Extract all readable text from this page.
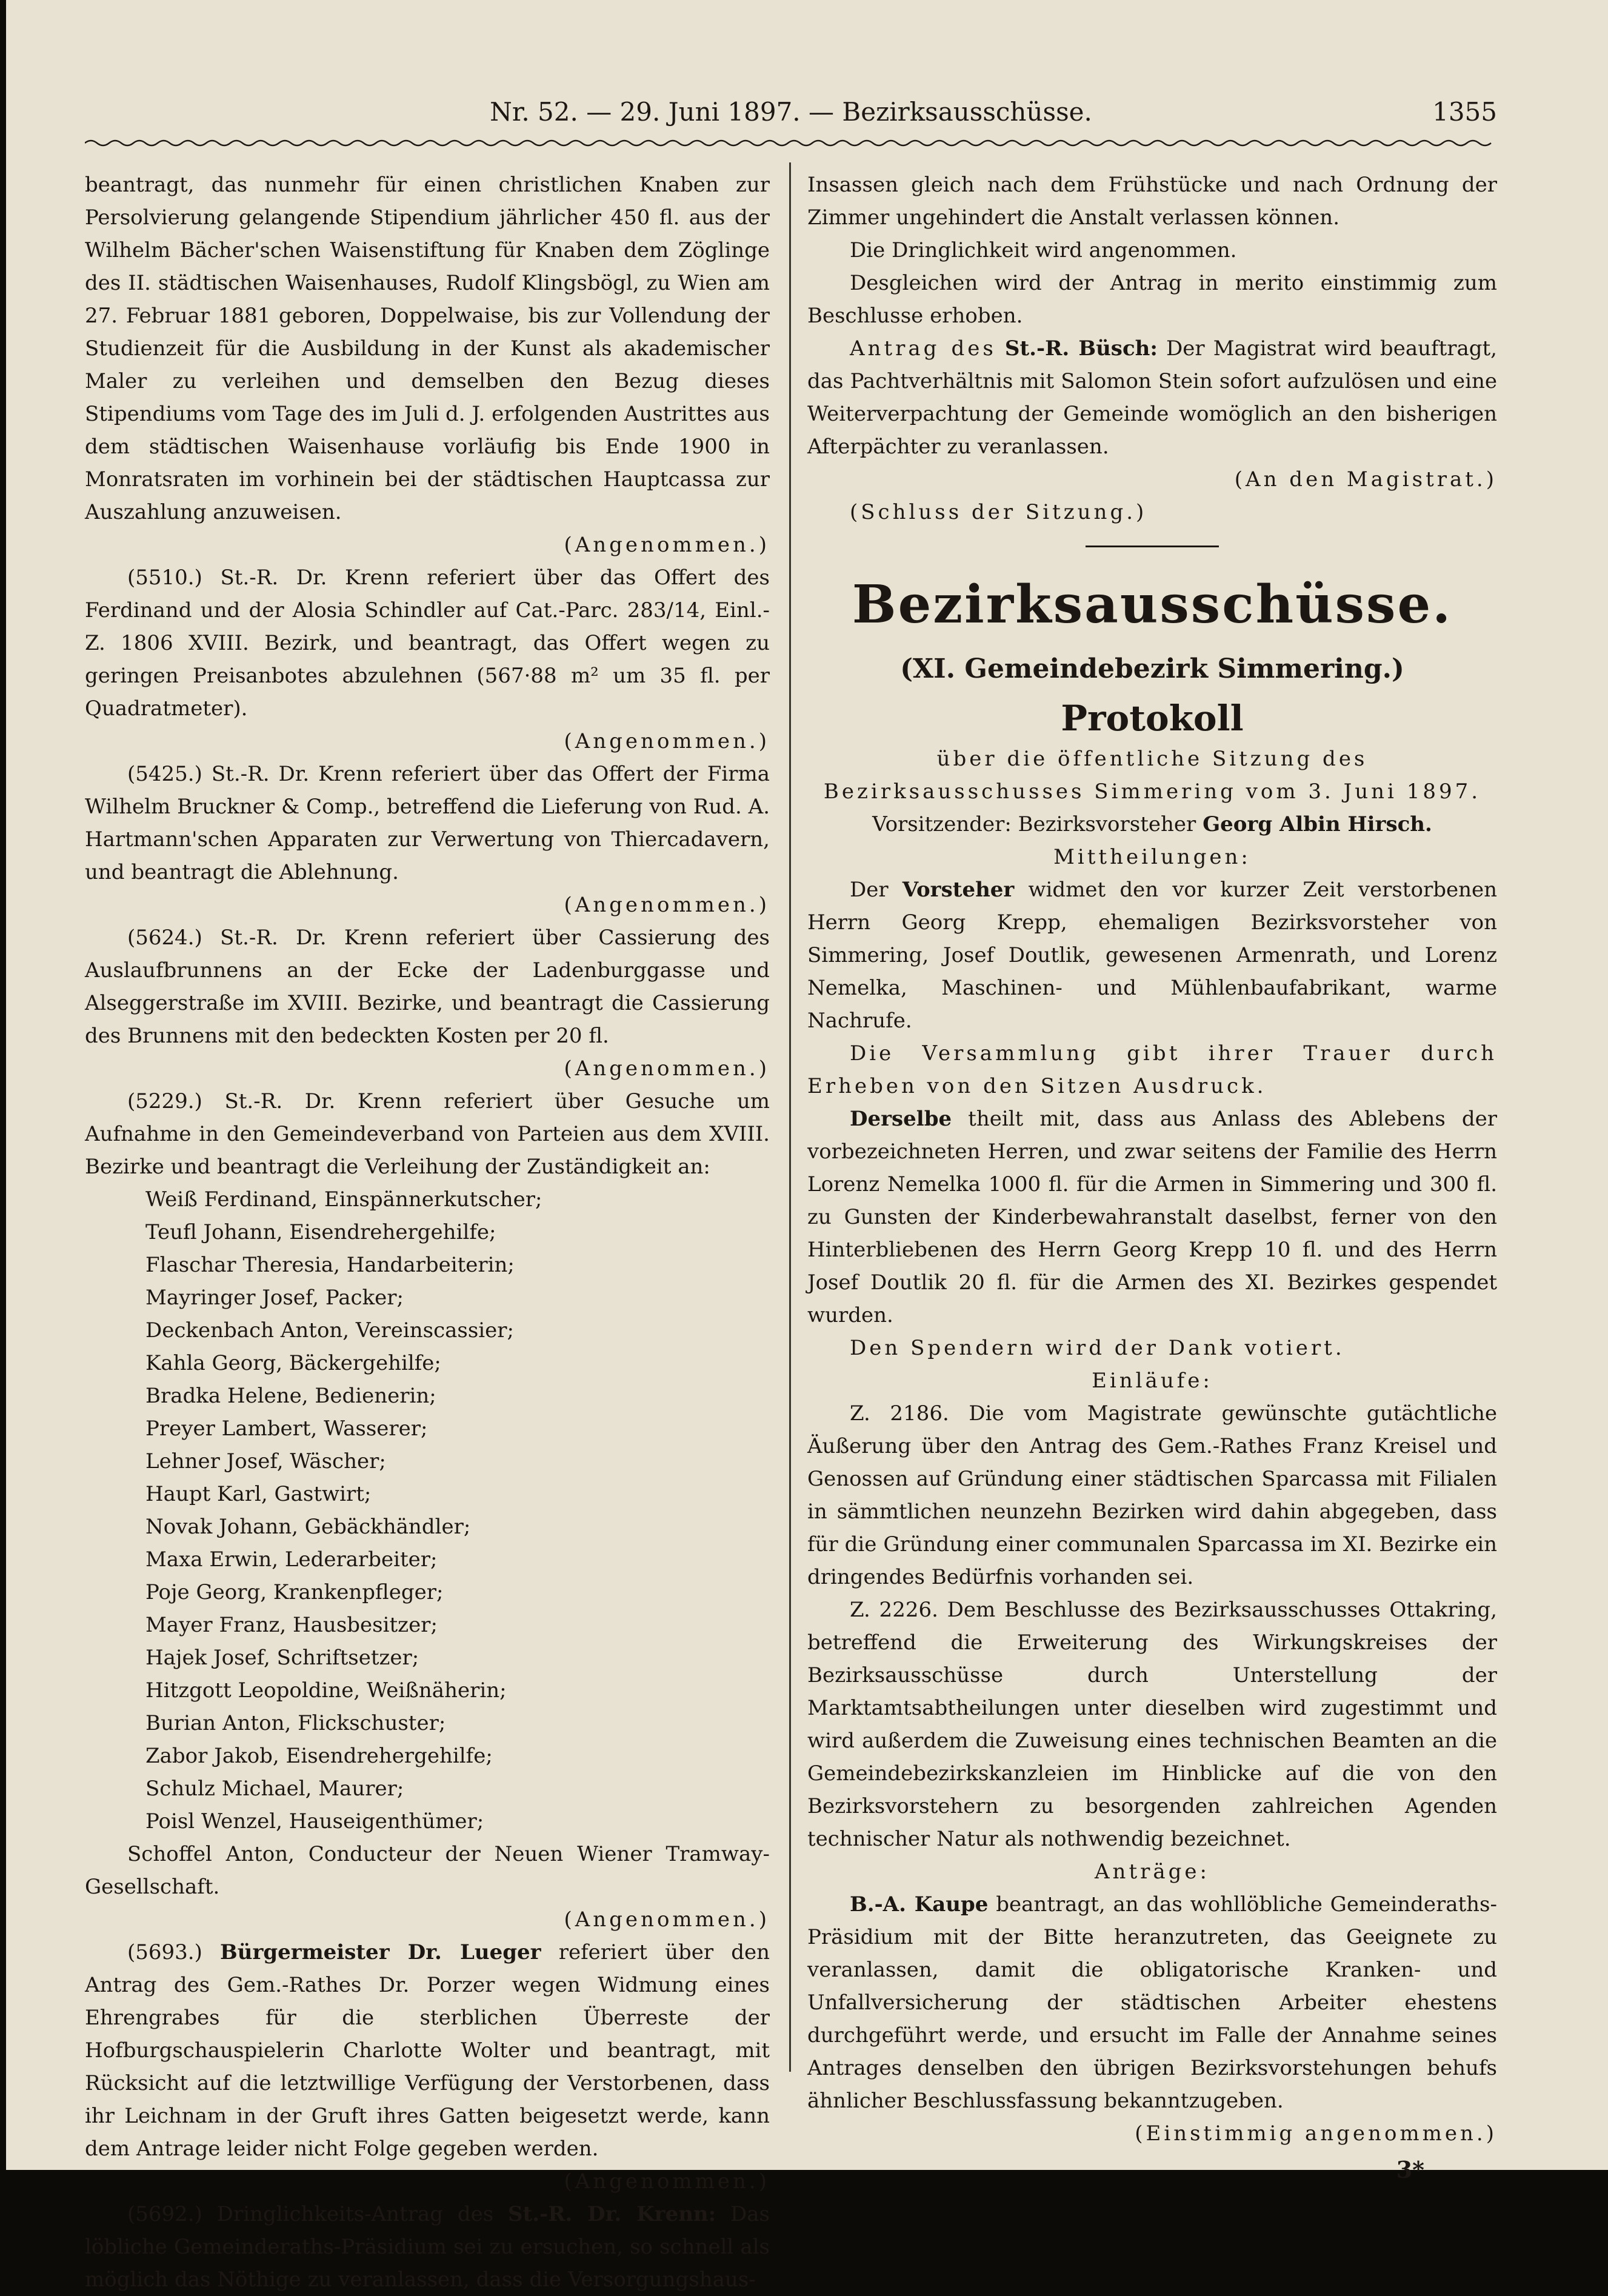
Nr. 52. — 29. Juni 1897. — Bezirksausschüsse.	1355

beantragt, das nunmehr für einen christlichen Knaben zur Persolvierung gelangende Stipendium jährlicher 450 fl. aus der Wilhelm Bächer'schen Waisenstiftung für Knaben dem Zöglinge des II. städtischen Waisenhauses, Rudolf Klingsbögl, zu Wien am 27. Februar 1881 geboren, Doppelwaise, bis zur Vollendung der Studienzeit für die Ausbildung in der Kunst als akademischer Maler zu verleihen und demselben den Bezug dieses Stipendiums vom Tage des im Juli d. J. erfolgenden Austrittes aus dem städtischen Waisenhause vorläufig bis Ende 1900 in Monratsraten im vorhinein bei der städtischen Hauptcassa zur Auszahlung anzuweisen.

(Angenommen.)

(5510.) St.-R. Dr. Krenn referiert über das Offert des Ferdinand und der Alosia Schindler auf Cat.-Parc. 283/14, Einl.-Z. 1806 XVIII. Bezirk, und beantragt, das Offert wegen zu geringen Preisanbotes abzulehnen (567·88 m² um 35 fl. per Quadratmeter).

(Angenommen.)

(5425.) St.-R. Dr. Krenn referiert über das Offert der Firma Wilhelm Bruckner & Comp., betreffend die Lieferung von Rud. A. Hartmann'schen Apparaten zur Verwertung von Thiercadavern, und beantragt die Ablehnung.

(Angenommen.)

(5624.) St.-R. Dr. Krenn referiert über Cassierung des Auslaufbrunnens an der Ecke der Ladenburggasse und Alseggerstraße im XVIII. Bezirke, und beantragt die Cassierung des Brunnens mit den bedeckten Kosten per 20 fl.

(Angenommen.)

(5229.) St.-R. Dr. Krenn referiert über Gesuche um Aufnahme in den Gemeindeverband von Parteien aus dem XVIII. Bezirke und beantragt die Verleihung der Zuständigkeit an:

Weiß Ferdinand, Einspännerkutscher;

Teufl Johann, Eisendrehergehilfe;

Flaschar Theresia, Handarbeiterin;

Mayringer Josef, Packer;

Deckenbach Anton, Vereinscassier;

Kahla Georg, Bäckergehilfe;

Bradka Helene, Bedienerin;

Preyer Lambert, Wasserer;

Lehner Josef, Wäscher;

Haupt Karl, Gastwirt;

Novak Johann, Gebäckhändler;

Maxa Erwin, Lederarbeiter;

Poje Georg, Krankenpfleger;

Mayer Franz, Hausbesitzer;

Hajek Josef, Schriftsetzer;

Hitzgott Leopoldine, Weißnäherin;

Burian Anton, Flickschuster;

Zabor Jakob, Eisendrehergehilfe;

Schulz Michael, Maurer;

Poisl Wenzel, Hauseigenthümer;

Schoffel Anton, Conducteur der Neuen Wiener Tramway-Gesellschaft.

(Angenommen.)

(5693.) Bürgermeister Dr. Lueger referiert über den Antrag des Gem.-Rathes Dr. Porzer wegen Widmung eines Ehrengrabes für die sterblichen Überreste der Hofburgschauspielerin Charlotte Wolter und beantragt, mit Rücksicht auf die letztwillige Verfügung der Verstorbenen, dass ihr Leichnam in der Gruft ihres Gatten beigesetzt werde, kann dem Antrage leider nicht Folge gegeben werden.

(Angenommen.)

(5692.) Dringlichkeits-Antrag des St.-R. Dr. Krenn: Das löbliche Gemeinderaths-Präsidium sei zu ersuchen, so schnell als möglich das Nöthige zu veranlassen, dass die Versorgungshaus-

Insassen gleich nach dem Frühstücke und nach Ordnung der Zimmer ungehindert die Anstalt verlassen können.

Die Dringlichkeit wird angenommen.

Desgleichen wird der Antrag in merito einstimmig zum Beschlusse erhoben.

Antrag des St.-R. Büsch: Der Magistrat wird beauftragt, das Pachtverhältnis mit Salomon Stein sofort aufzulösen und eine Weiterverpachtung der Gemeinde womöglich an den bisherigen Afterpächter zu veranlassen.

(An den Magistrat.)

(Schluss der Sitzung.)

Bezirksausschüsse.
(XI. Gemeindebezirk Simmering.)
Protokoll

über die öffentliche Sitzung des Bezirksausschusses Simmering vom 3. Juni 1897.

Vorsitzender: Bezirksvorsteher Georg Albin Hirsch.

Mittheilungen:

Der Vorsteher widmet den vor kurzer Zeit verstorbenen Herrn Georg Krepp, ehemaligen Bezirksvorsteher von Simmering, Josef Doutlik, gewesenen Armenrath, und Lorenz Nemelka, Maschinen- und Mühlenbaufabrikant, warme Nachrufe.

Die Versammlung gibt ihrer Trauer durch Erheben von den Sitzen Ausdruck.

Derselbe theilt mit, dass aus Anlass des Ablebens der vorbezeichneten Herren, und zwar seitens der Familie des Herrn Lorenz Nemelka 1000 fl. für die Armen in Simmering und 300 fl. zu Gunsten der Kinderbewahranstalt daselbst, ferner von den Hinterbliebenen des Herrn Georg Krepp 10 fl. und des Herrn Josef Doutlik 20 fl. für die Armen des XI. Bezirkes gespendet wurden.

Den Spendern wird der Dank votiert.

Einläufe:

Z. 2186. Die vom Magistrate gewünschte gutächtliche Äußerung über den Antrag des Gem.-Rathes Franz Kreisel und Genossen auf Gründung einer städtischen Sparcassa mit Filialen in sämmtlichen neunzehn Bezirken wird dahin abgegeben, dass für die Gründung einer communalen Sparcassa im XI. Bezirke ein dringendes Bedürfnis vorhanden sei.

Z. 2226. Dem Beschlusse des Bezirksausschusses Ottakring, betreffend die Erweiterung des Wirkungskreises der Bezirksausschüsse durch Unterstellung der Marktamtsabtheilungen unter dieselben wird zugestimmt und wird außerdem die Zuweisung eines technischen Beamten an die Gemeindebezirkskanzleien im Hinblicke auf die von den Bezirksvorstehern zu besorgenden zahlreichen Agenden technischer Natur als nothwendig bezeichnet.

Anträge:

B.-A. Kaupe beantragt, an das wohllöbliche Gemeinderaths-Präsidium mit der Bitte heranzutreten, das Geeignete zu veranlassen, damit die obligatorische Kranken- und Unfallversicherung der städtischen Arbeiter ehestens durchgeführt werde, und ersucht im Falle der Annahme seines Antrages denselben den übrigen Bezirksvorstehungen behufs ähnlicher Beschlussfassung bekanntzugeben.

(Einstimmig angenommen.)

3*
